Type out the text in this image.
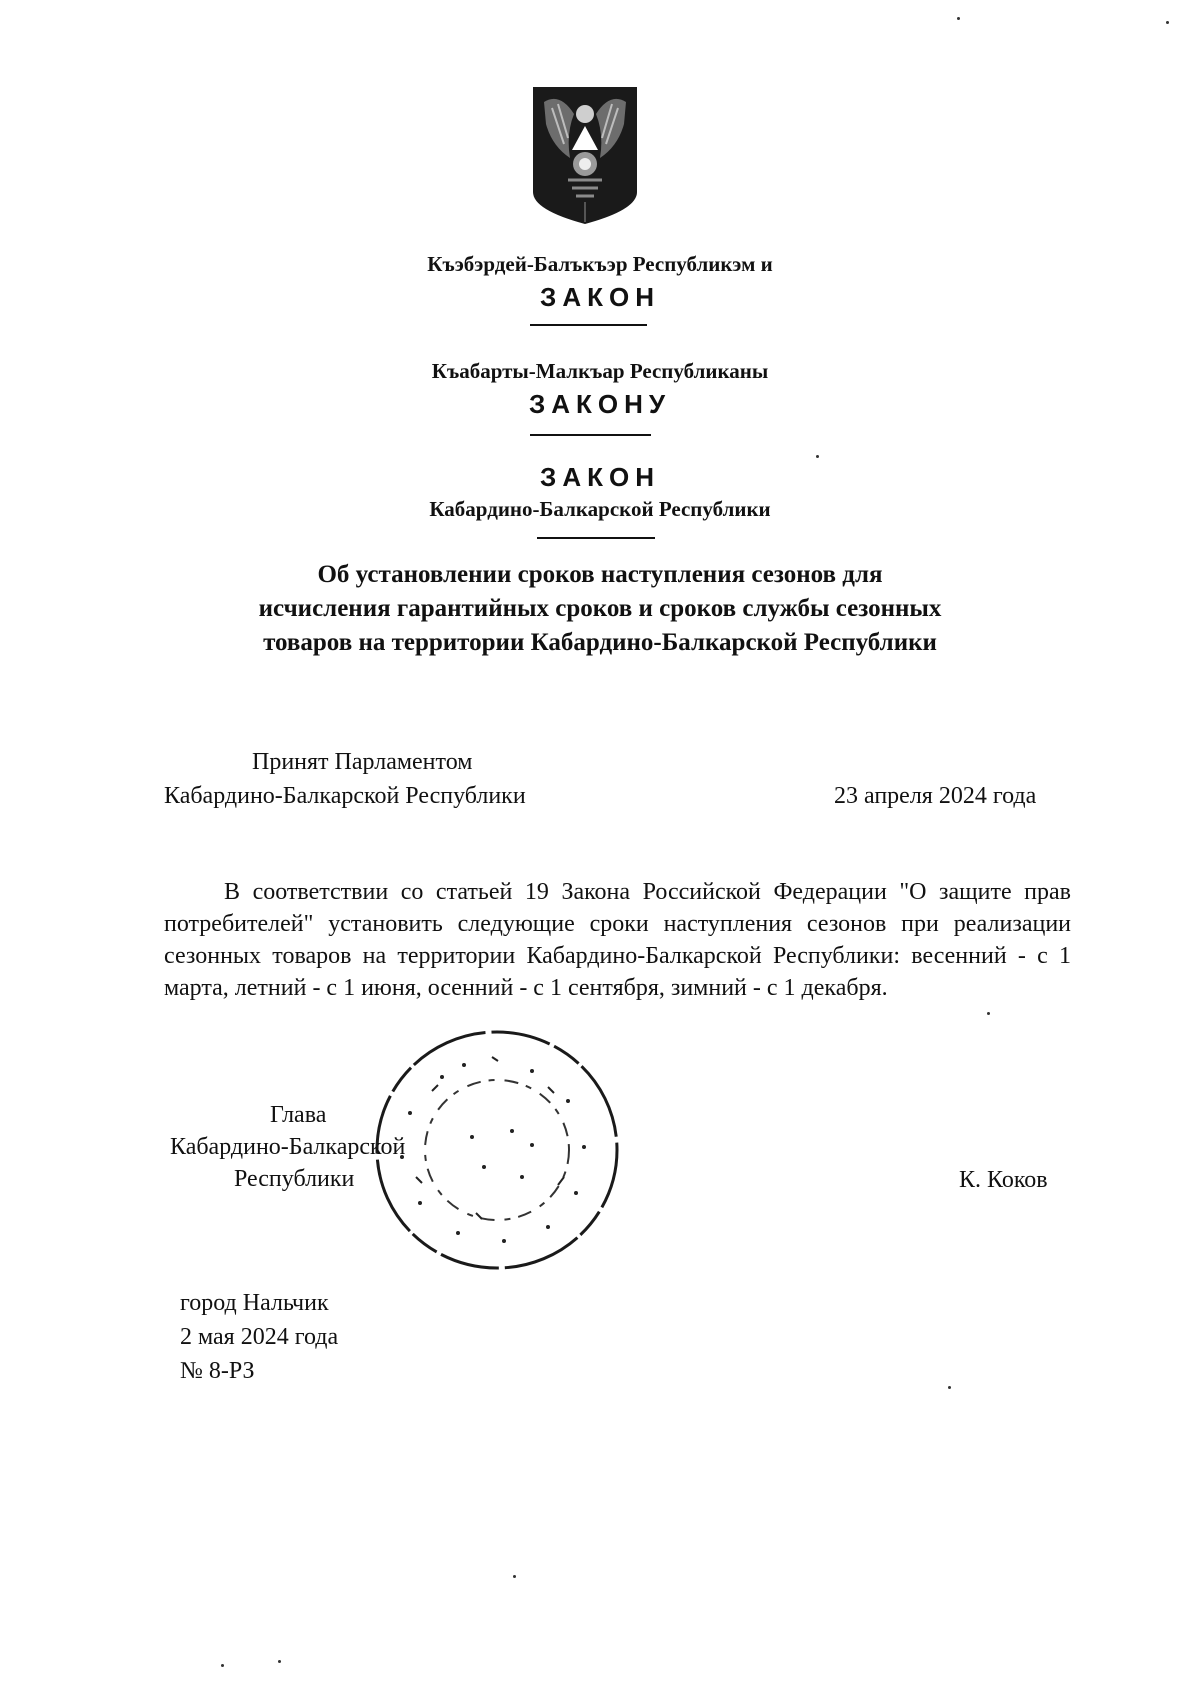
Къэбэрдей-Балъкъэр Республикэм и
ЗАКОН
Къабарты-Малкъар Республиканы
ЗАКОНУ
ЗАКОН
Кабардино-Балкарской Республики
Об установлении сроков наступления сезонов для
исчисления гарантийных сроков и сроков службы сезонных
товаров на территории Кабардино-Балкарской Республики
Принят Парламентом
Кабардино-Балкарской Республики	23 апреля 2024 года
В соответствии со статьей 19 Закона Российской Федерации "О защите прав потребителей" установить следующие сроки наступления сезонов при реализации сезонных товаров на территории Кабардино-Балкарской Республики: весенний - с 1 марта, летний - с 1 июня, осенний - с 1 сентября, зимний - с 1 декабря.
Глава
Кабардино-Балкарской
Республики	К. Коков
город Нальчик
2 мая 2024 года
№ 8-РЗ
